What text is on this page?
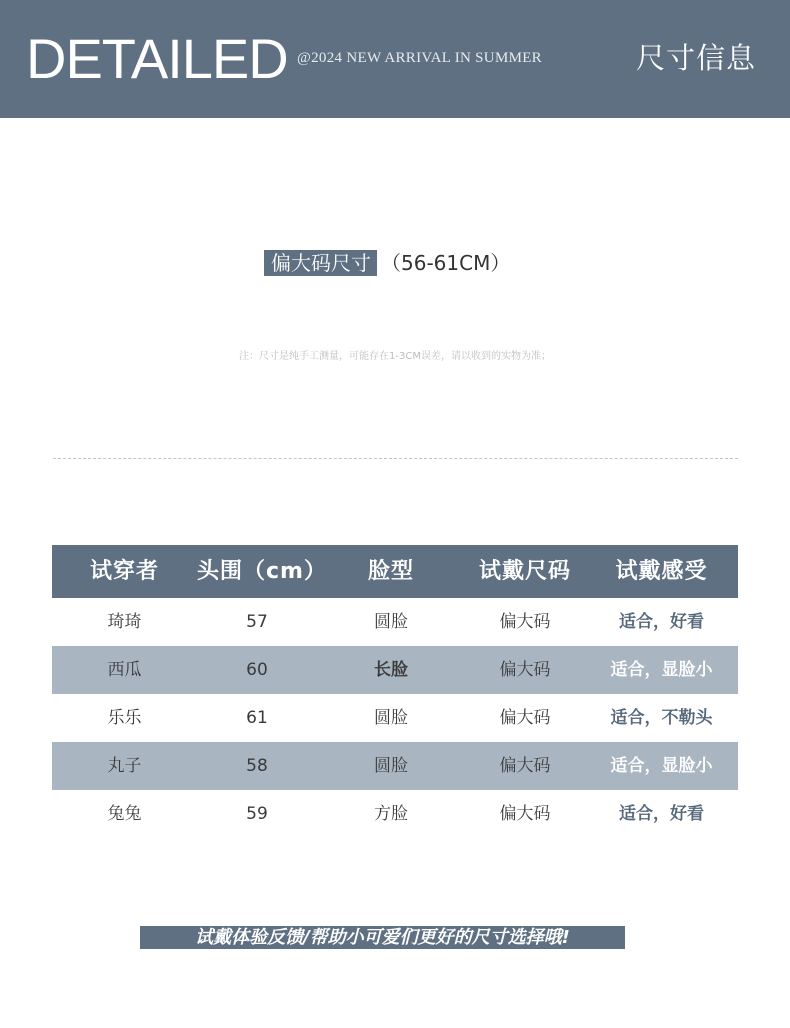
DETAILED @2024 NEW ARRIVAL IN SUMMER	尺寸信息
偏大码尺寸 （56-61CM）
注：尺寸是纯手工测量，可能存在1-3CM误差，请以收到的实物为准；
试穿者	头围（cm）	脸型	试戴尺码	试戴感受
琦琦	57	圆脸	偏大码	适合，好看
西瓜	60	长脸	偏大码	适合，显脸小
乐乐	61	圆脸	偏大码	适合，不勒头
丸子	58	圆脸	偏大码	适合，显脸小
兔兔	59	方脸	偏大码	适合，好看
试戴体验反馈/帮助小可爱们更好的尺寸选择哦!
